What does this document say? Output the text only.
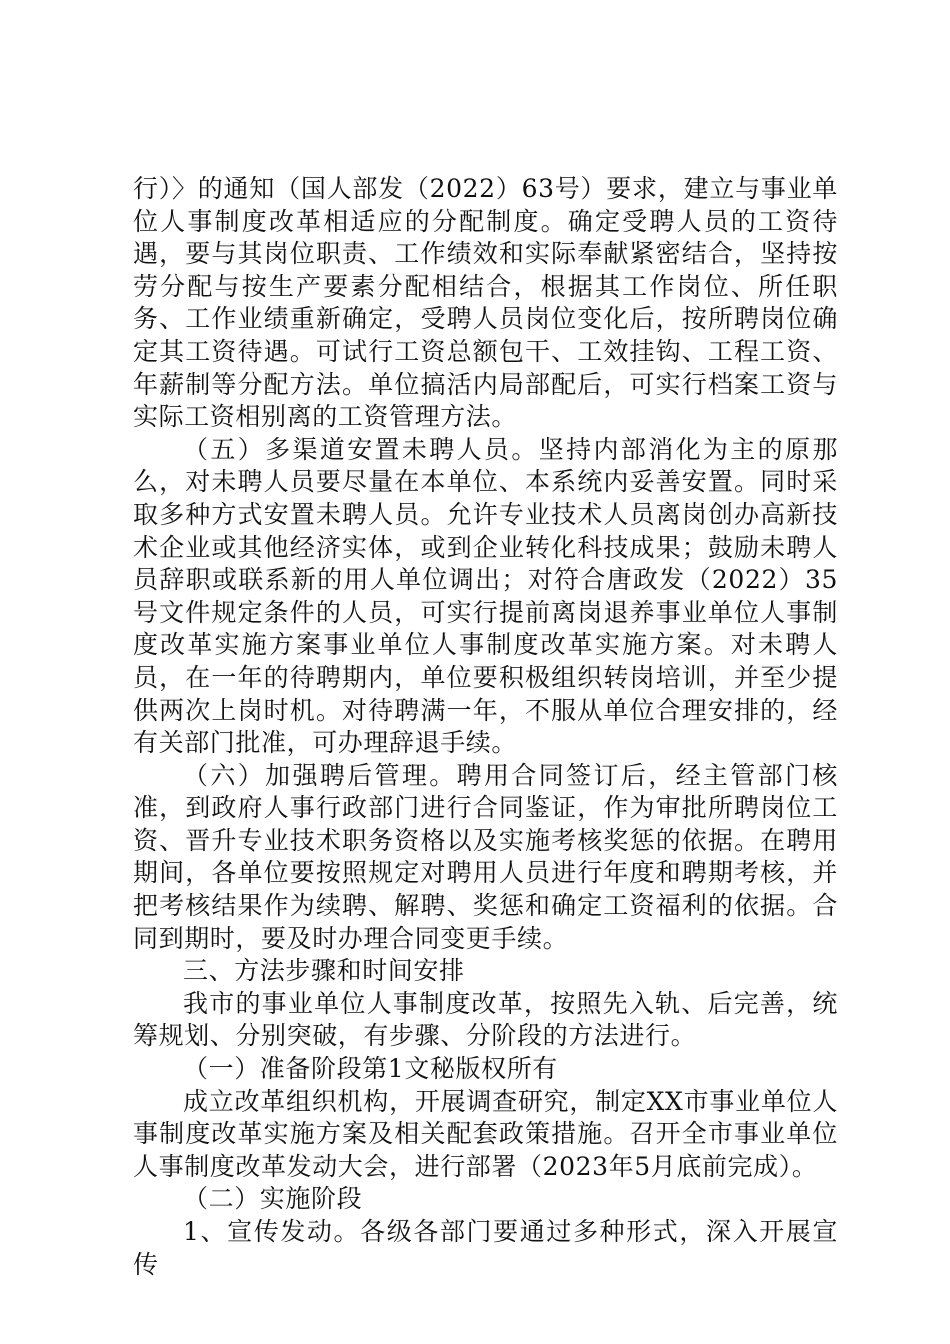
行）〉的通知（国人部发（2022）63号）要求，建立与事业单位人事制度改革相适应的分配制度。确定受聘人员的工资待遇，要与其岗位职责、工作绩效和实际奉献紧密结合，坚持按劳分配与按生产要素分配相结合，根据其工作岗位、所任职务、工作业绩重新确定，受聘人员岗位变化后，按所聘岗位确定其工资待遇。可试行工资总额包干、工效挂钩、工程工资、年薪制等分配方法。单位搞活内局部配后，可实行档案工资与实际工资相别离的工资管理方法。

（五）多渠道安置未聘人员。坚持内部消化为主的原那么，对未聘人员要尽量在本单位、本系统内妥善安置。同时采取多种方式安置未聘人员。允许专业技术人员离岗创办高新技术企业或其他经济实体，或到企业转化科技成果；鼓励未聘人员辞职或联系新的用人单位调出；对符合唐政发（2022）35号文件规定条件的人员，可实行提前离岗退养事业单位人事制度改革实施方案事业单位人事制度改革实施方案。对未聘人员，在一年的待聘期内，单位要积极组织转岗培训，并至少提供两次上岗时机。对待聘满一年，不服从单位合理安排的，经有关部门批准，可办理辞退手续。

（六）加强聘后管理。聘用合同签订后，经主管部门核准，到政府人事行政部门进行合同鉴证，作为审批所聘岗位工资、晋升专业技术职务资格以及实施考核奖惩的依据。在聘用期间，各单位要按照规定对聘用人员进行年度和聘期考核，并把考核结果作为续聘、解聘、奖惩和确定工资福利的依据。合同到期时，要及时办理合同变更手续。

三、方法步骤和时间安排

我市的事业单位人事制度改革，按照先入轨、后完善，统筹规划、分别突破，有步骤、分阶段的方法进行。

（一）准备阶段第1文秘版权所有

成立改革组织机构，开展调查研究，制定XX市事业单位人事制度改革实施方案及相关配套政策措施。召开全市事业单位人事制度改革发动大会，进行部署（2023年5月底前完成）。

（二）实施阶段

1、宣传发动。各级各部门要通过多种形式，深入开展宣传
